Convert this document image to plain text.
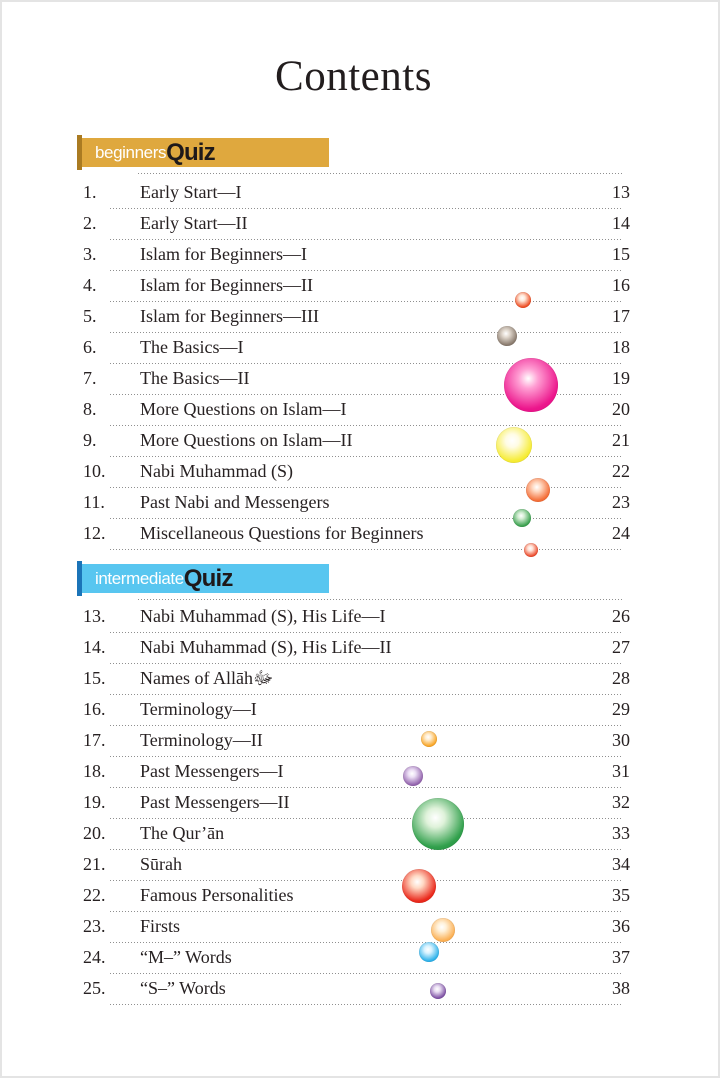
Contents
beginners Quiz
1. Early Start—I	13
2. Early Start—II	14
3. Islam for Beginners—I	15
4. Islam for Beginners—II	16
5. Islam for Beginners—III	17
6. The Basics—I	18
7. The Basics—II	19
8. More Questions on Islam—I	20
9. More Questions on Islam—II	21
10. Nabi Muhammad (S)	22
11. Past Nabi and Messengers	23
12. Miscellaneous Questions for Beginners	24
intermediate Quiz
13. Nabi Muhammad (S), His Life—I	26
14. Nabi Muhammad (S), His Life—II	27
15. Names of Allāhﷻ	28
16. Terminology—I	29
17. Terminology—II	30
18. Past Messengers—I	31
19. Past Messengers—II	32
20. The Qur’ān	33
21. Sūrah	34
22. Famous Personalities	35
23. Firsts	36
24. “M–” Words	37
25. “S–” Words	38
